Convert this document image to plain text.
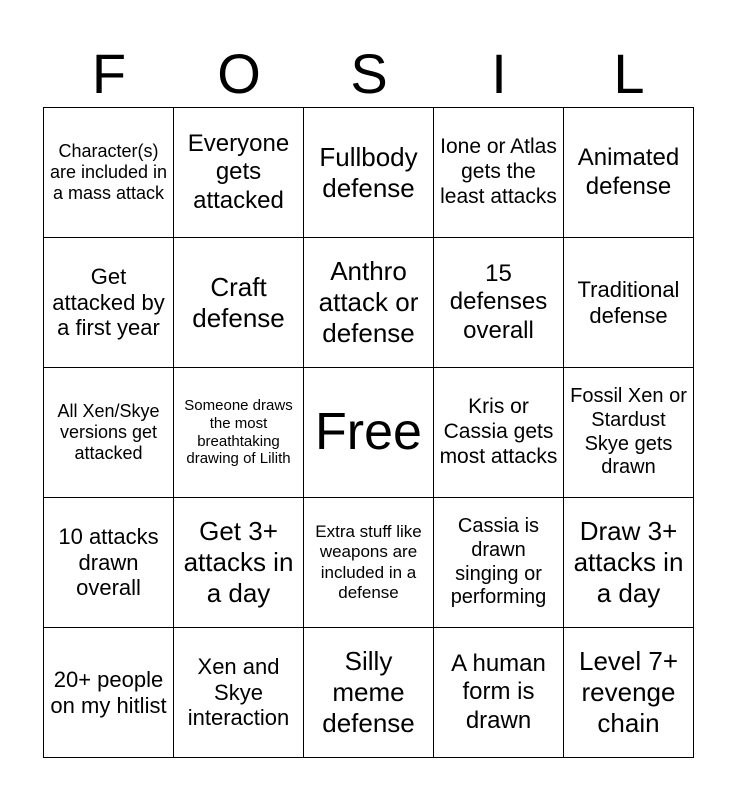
F	O	S	I	L
Character(s) are included in a mass attack	Everyone gets attacked	Fullbody defense	Ione or Atlas gets the least attacks	Animated defense
Get attacked by a first year	Craft defense	Anthro attack or defense	15 defenses overall	Traditional defense
All Xen/Skye versions get attacked	Someone draws the most breathtaking drawing of Lilith	Free	Kris or Cassia gets most attacks	Fossil Xen or Stardust Skye gets drawn
10 attacks drawn overall	Get 3+ attacks in a day	Extra stuff like weapons are included in a defense	Cassia is drawn singing or performing	Draw 3+ attacks in a day
20+ people on my hitlist	Xen and Skye interaction	Silly meme defense	A human form is drawn	Level 7+ revenge chain
